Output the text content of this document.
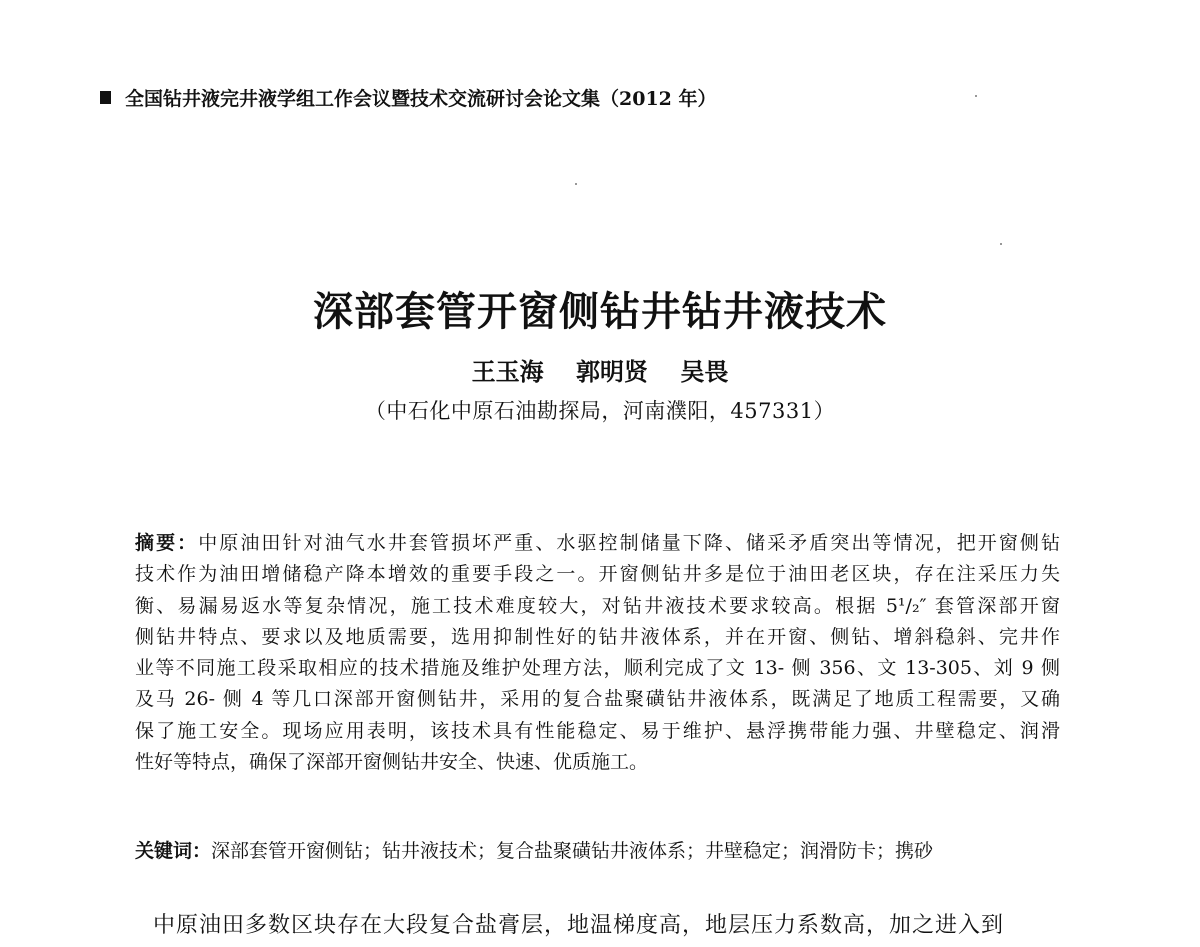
全国钻井液完井液学组工作会议暨技术交流研讨会论文集（2012 年）
深部套管开窗侧钻井钻井液技术
王玉海　 郭明贤　 吴畏
（中石化中原石油勘探局，河南濮阳，457331）
摘要：中原油田针对油气水井套管损坏严重、水驱控制储量下降、储采矛盾突出等情况，把开窗侧钻
技术作为油田增储稳产降本增效的重要手段之一。开窗侧钻井多是位于油田老区块，存在注采压力失
衡、易漏易返水等复杂情况，施工技术难度较大，对钻井液技术要求较高。根据 5¹/₂″ 套管深部开窗
侧钻井特点、要求以及地质需要，选用抑制性好的钻井液体系，并在开窗、侧钻、增斜稳斜、完井作
业等不同施工段采取相应的技术措施及维护处理方法，顺利完成了文 13- 侧 356、文 13-305、刘 9 侧
及马 26- 侧 4 等几口深部开窗侧钻井，采用的复合盐聚磺钻井液体系，既满足了地质工程需要，又确
保了施工安全。现场应用表明，该技术具有性能稳定、易于维护、悬浮携带能力强、井壁稳定、润滑
性好等特点，确保了深部开窗侧钻井安全、快速、优质施工。
关键词：深部套管开窗侧钻；钻井液技术；复合盐聚磺钻井液体系；井壁稳定；润滑防卡；携砂
中原油田多数区块存在大段复合盐膏层，地温梯度高，地层压力系数高，加之进入到
